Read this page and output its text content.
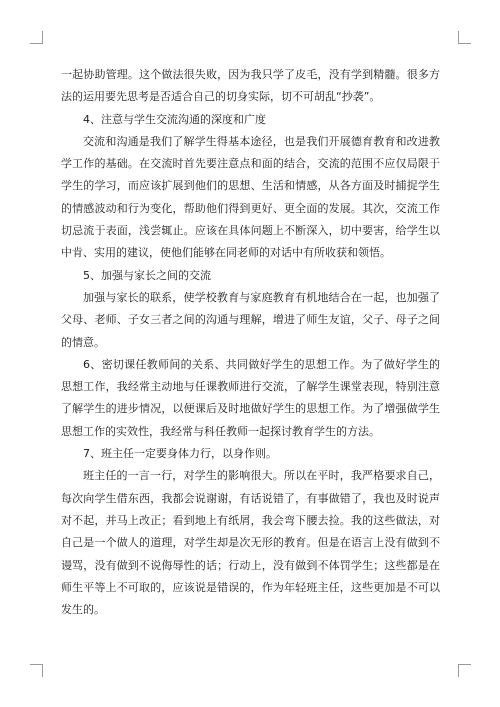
一起协助管理。这个做法很失败，因为我只学了皮毛，没有学到精髓。很多方法的运用要先思考是否适合自己的切身实际，切不可胡乱“抄袭”。

4、注意与学生交流沟通的深度和广度

交流和沟通是我们了解学生得基本途径，也是我们开展德育教育和改进教学工作的基础。在交流时首先要注意点和面的结合，交流的范围不应仅局限于学生的学习，而应该扩展到他们的思想、生活和情感，从各方面及时捕捉学生的情感波动和行为变化，帮助他们得到更好、更全面的发展。其次，交流工作切忌流于表面，浅尝辄止。应该在具体问题上不断深入，切中要害，给学生以中肯、实用的建议，使他们能够在同老师的对话中有所收获和领悟。

5、加强与家长之间的交流

加强与家长的联系，使学校教育与家庭教育有机地结合在一起，也加强了父母、老师、子女三者之间的沟通与理解，增进了师生友谊，父子、母子之间的情意。

6、密切课任教师间的关系、共同做好学生的思想工作。为了做好学生的思想工作，我经常主动地与任课教师进行交流，了解学生课堂表现，特别注意了解学生的进步情况，以便课后及时地做好学生的思想工作。为了增强做学生思想工作的实效性，我经常与科任教师一起探讨教育学生的方法。

7、班主任一定要身体力行，以身作则。

班主任的一言一行，对学生的影响很大。所以在平时，我严格要求自己，每次向学生借东西，我都会说谢谢，有话说错了，有事做错了，我也及时说声对不起，并马上改正；看到地上有纸屑，我会弯下腰去捡。我的这些做法，对自己是一个做人的道理，对学生却是次无形的教育。但是在语言上没有做到不谩骂，没有做到不说侮辱性的话；行动上，没有做到不体罚学生；这些都是在师生平等上不可取的，应该说是错误的，作为年轻班主任，这些更加是不可以发生的。
